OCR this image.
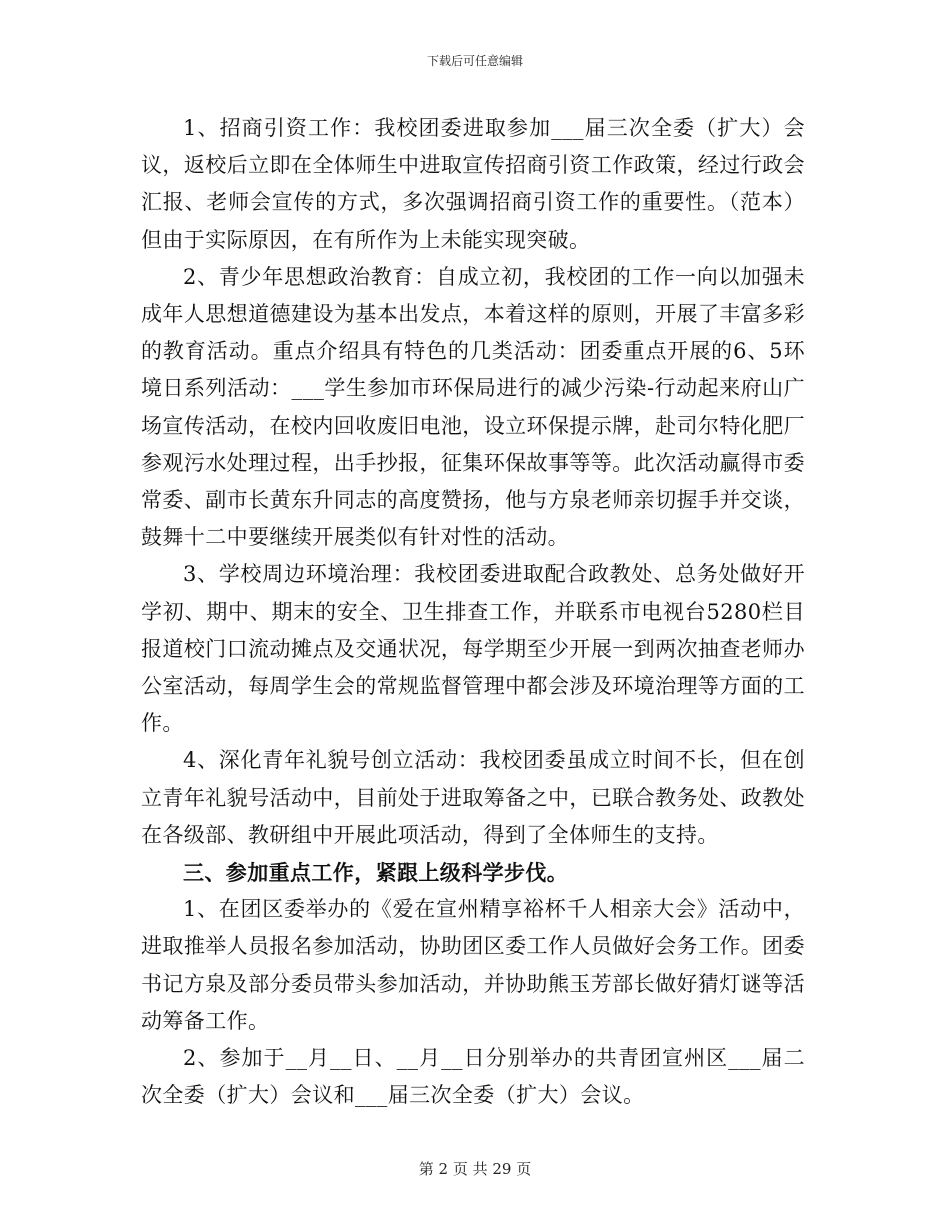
下载后可任意编辑

1、招商引资工作：我校团委进取参加___届三次全委（扩大）会议，返校后立即在全体师生中进取宣传招商引资工作政策，经过行政会汇报、老师会宣传的方式，多次强调招商引资工作的重要性。（范本）但由于实际原因，在有所作为上未能实现突破。

2、青少年思想政治教育：自成立初，我校团的工作一向以加强未成年人思想道德建设为基本出发点，本着这样的原则，开展了丰富多彩的教育活动。重点介绍具有特色的几类活动：团委重点开展的6、5环境日系列活动：___学生参加市环保局进行的减少污染-行动起来府山广场宣传活动，在校内回收废旧电池，设立环保提示牌，赴司尔特化肥厂参观污水处理过程，出手抄报，征集环保故事等等。此次活动赢得市委常委、副市长黄东升同志的高度赞扬，他与方泉老师亲切握手并交谈，鼓舞十二中要继续开展类似有针对性的活动。

3、学校周边环境治理：我校团委进取配合政教处、总务处做好开学初、期中、期末的安全、卫生排查工作，并联系市电视台5280栏目报道校门口流动摊点及交通状况，每学期至少开展一到两次抽查老师办公室活动，每周学生会的常规监督管理中都会涉及环境治理等方面的工作。

4、深化青年礼貌号创立活动：我校团委虽成立时间不长，但在创立青年礼貌号活动中，目前处于进取筹备之中，已联合教务处、政教处在各级部、教研组中开展此项活动，得到了全体师生的支持。

三、参加重点工作，紧跟上级科学步伐。

1、在团区委举办的《爱在宣州精享裕杯千人相亲大会》活动中，进取推举人员报名参加活动，协助团区委工作人员做好会务工作。团委书记方泉及部分委员带头参加活动，并协助熊玉芳部长做好猜灯谜等活动筹备工作。

2、参加于__月__日、__月__日分别举办的共青团宣州区___届二次全委（扩大）会议和___届三次全委（扩大）会议。

第 2 页 共 29 页
